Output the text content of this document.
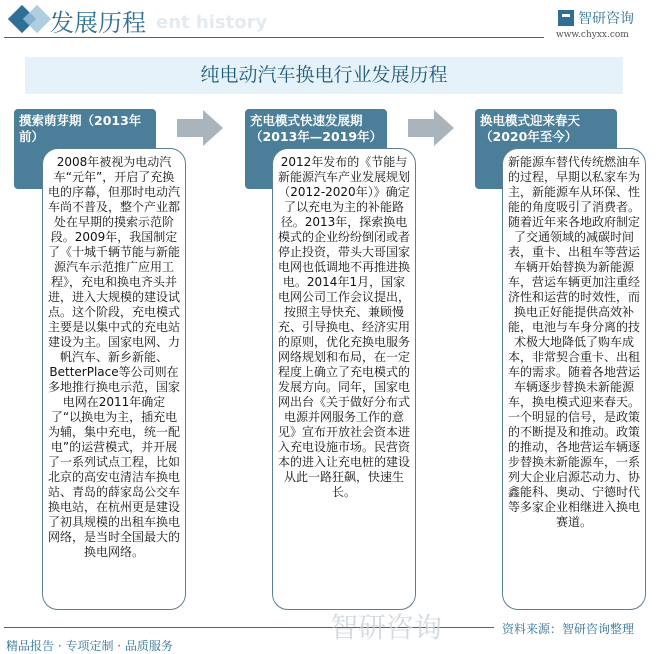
ent history
发展历程	智研咨询
www.chyxx.com
纯电动汽车换电行业发展历程
摸索萌芽期（2013年前）
充电模式快速发展期（2013年—2019年）
换电模式迎来春天（2020年至今）
2008年被视为电动汽车“元年”，开启了充换电的序幕，但那时电动汽车尚不普及，整个产业都处在早期的摸索示范阶段。2009年，我国制定了《十城千辆节能与新能源汽车示范推广应用工程》，充电和换电齐头并进，进入大规模的建设试点。这个阶段，充电模式主要是以集中式的充电站建设为主。国家电网、力帆汽车、新乡新能、BetterPlace等公司则在多地推行换电示范，国家电网在2011年确定了“以换电为主，插充电为辅，集中充电，统一配电”的运营模式，并开展了一系列试点工程，比如北京的高安屯清洁车换电站、青岛的薛家岛公交车换电站，在杭州更是建设了初具规模的出租车换电网络，是当时全国最大的换电网络。
2012年发布的《节能与新能源汽车产业发展规划（2012-2020年）》确定了以充电为主的补能路径。2013年，探索换电模式的企业纷纷倒闭或者停止投资，带头大哥国家电网也低调地不再推进换电。2014年1月，国家电网公司工作会议提出，按照主导快充、兼顾慢充、引导换电、经济实用的原则，优化充换电服务网络规划和布局，在一定程度上确立了充电模式的发展方向。同年，国家电网出台《关于做好分布式电源并网服务工作的意见》宣布开放社会资本进入充电设施市场。民营资本的进入让充电桩的建设从此一路狂飙，快速生长。
新能源车替代传统燃油车的过程，早期以私家车为主，新能源车从环保、性能的角度吸引了消费者。随着近年来各地政府制定了交通领域的减碳时间表，重卡、出租车等营运车辆开始替换为新能源车，营运车辆更加注重经济性和运营的时效性，而换电正好能提供高效补能，电池与车身分离的技术极大地降低了购车成本，非常契合重卡、出租车的需求。随着各地营运车辆逐步替换未新能源车，换电模式迎来春天。一个明显的信号，是政策的不断提及和推动。政策的推动，各地营运车辆逐步替换未新能源车，一系列大企业启源芯动力、协鑫能科、奥动、宁德时代等多家企业相继进入换电赛道。
智研咨询	资料来源：智研咨询整理
精品报告 · 专项定制 · 品质服务
